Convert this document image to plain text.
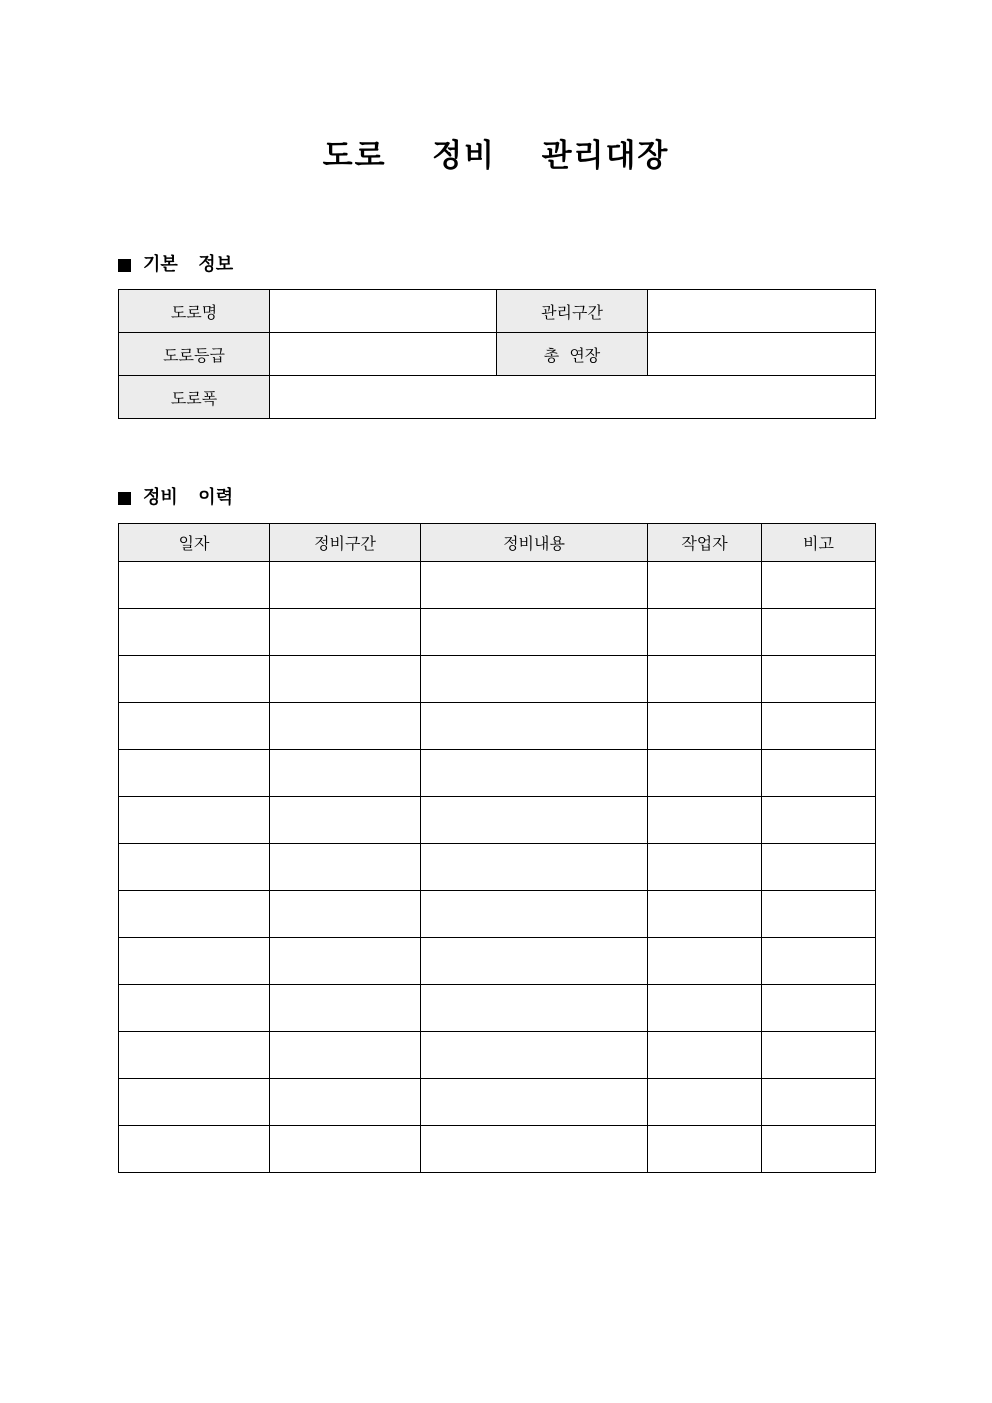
도로  정비  관리대장
기본  정보
도로명		관리구간	
도로등급		총  연장	
도로폭			
정비  이력
일자	정비구간	정비내용	작업자	비고
